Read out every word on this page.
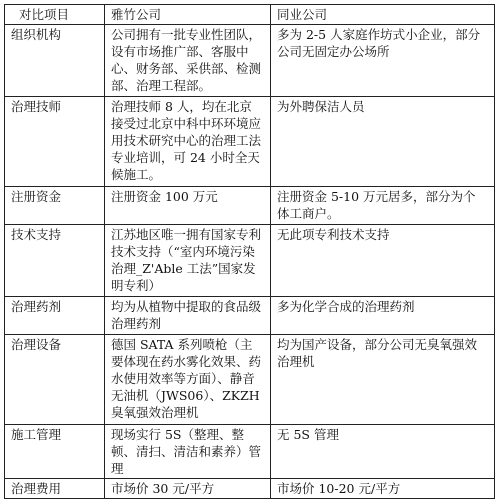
对比项目	雅竹公司	同业公司
组织机构	公司拥有一批专业性团队，设有市场推广部、客服中心、财务部、采供部、检测部、治理工程部。	多为 2-5 人家庭作坊式小企业，部分公司无固定办公场所
治理技师	治理技师 8 人，均在北京接受过北京中科中环环境应用技术研究中心的治理工法专业培训，可 24 小时全天候施工。	为外聘保洁人员
注册资金	注册资金 100 万元	注册资金 5-10 万元居多，部分为个体工商户。
技术支持	江苏地区唯一拥有国家专利技术支持（“室内环境污染治理_Z'Able 工法”国家发明专利）	无此项专利技术支持
治理药剂	均为从植物中提取的食品级治理药剂	多为化学合成的治理药剂
治理设备	德国 SATA 系列喷枪（主要体现在药水雾化效果、药水使用效率等方面）、静音无油机（JWS06）、ZKZH 臭氧强效治理机	均为国产设备，部分公司无臭氧强效治理机
施工管理	现场实行 5S（整理、整顿、清扫、清洁和素养）管理	无 5S 管理
治理费用	市场价 30 元/平方	市场价 10-20 元/平方
